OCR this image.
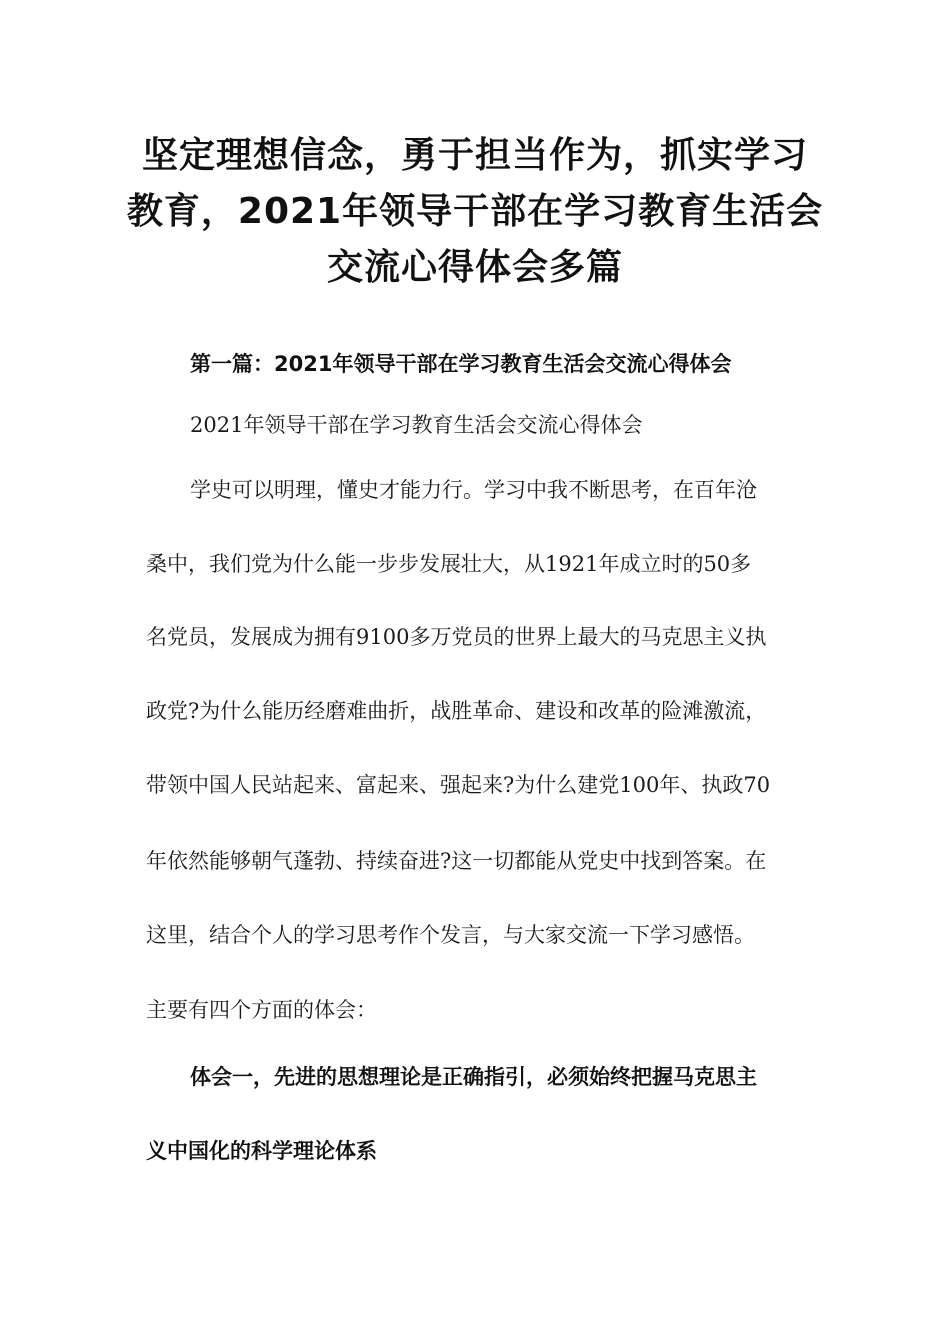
坚定理想信念，勇于担当作为，抓实学习
教育，2021年领导干部在学习教育生活会
交流心得体会多篇
第一篇：2021年领导干部在学习教育生活会交流心得体会
2021年领导干部在学习教育生活会交流心得体会
学史可以明理，懂史才能力行。学习中我不断思考，在百年沧
桑中，我们党为什么能一步步发展壮大，从1921年成立时的50多
名党员，发展成为拥有9100多万党员的世界上最大的马克思主义执
政党?为什么能历经磨难曲折，战胜革命、建设和改革的险滩激流，
带领中国人民站起来、富起来、强起来?为什么建党100年、执政70
年依然能够朝气蓬勃、持续奋进?这一切都能从党史中找到答案。在
这里，结合个人的学习思考作个发言，与大家交流一下学习感悟。
主要有四个方面的体会：
体会一，先进的思想理论是正确指引，必须始终把握马克思主
义中国化的科学理论体系
